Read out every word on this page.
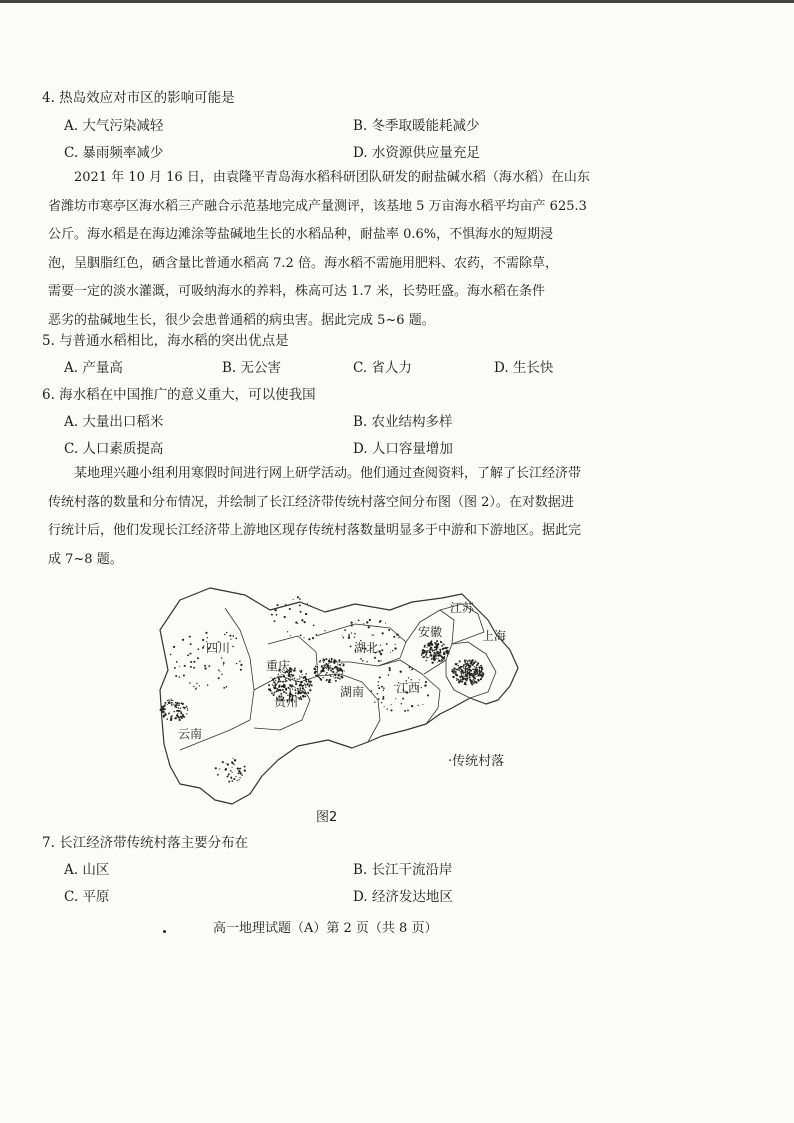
4. 热岛效应对市区的影响可能是
A. 大气污染减轻	B. 冬季取暖能耗减少
C. 暴雨频率减少	D. 水资源供应量充足
2021 年 10 月 16 日，由袁隆平青岛海水稻科研团队研发的耐盐碱水稻（海水稻）在山东
省潍坊市寒亭区海水稻三产融合示范基地完成产量测评，该基地 5 万亩海水稻平均亩产 625.3
公斤。海水稻是在海边滩涂等盐碱地生长的水稻品种，耐盐率 0.6%，不惧海水的短期浸
泡，呈胭脂红色，硒含量比普通水稻高 7.2 倍。海水稻不需施用肥料、农药，不需除草，
需要一定的淡水灌溉，可吸纳海水的养料，株高可达 1.7 米，长势旺盛。海水稻在条件
恶劣的盐碱地生长，很少会患普通稻的病虫害。据此完成 5~6 题。
5. 与普通水稻相比，海水稻的突出优点是
A. 产量高	B. 无公害	C. 省人力	D. 生长快
6. 海水稻在中国推广的意义重大，可以使我国
A. 大量出口稻米	B. 农业结构多样
C. 人口素质提高	D. 人口容量增加
某地理兴趣小组利用寒假时间进行网上研学活动。他们通过查阅资料，了解了长江经济带
传统村落的数量和分布情况，并绘制了长江经济带传统村落空间分布图（图 2）。在对数据进
行统计后，他们发现长江经济带上游地区现存传统村落数量明显多于中游和下游地区。据此完
成 7~8 题。
江苏
安徽	上海
四川	湖北
重庆	浙江
湖南	江西
贵州
云南
·传统村落
图2
7. 长江经济带传统村落主要分布在
A. 山区	B. 长江干流沿岸
C. 平原	D. 经济发达地区
高一地理试题（A）第 2 页（共 8 页）
